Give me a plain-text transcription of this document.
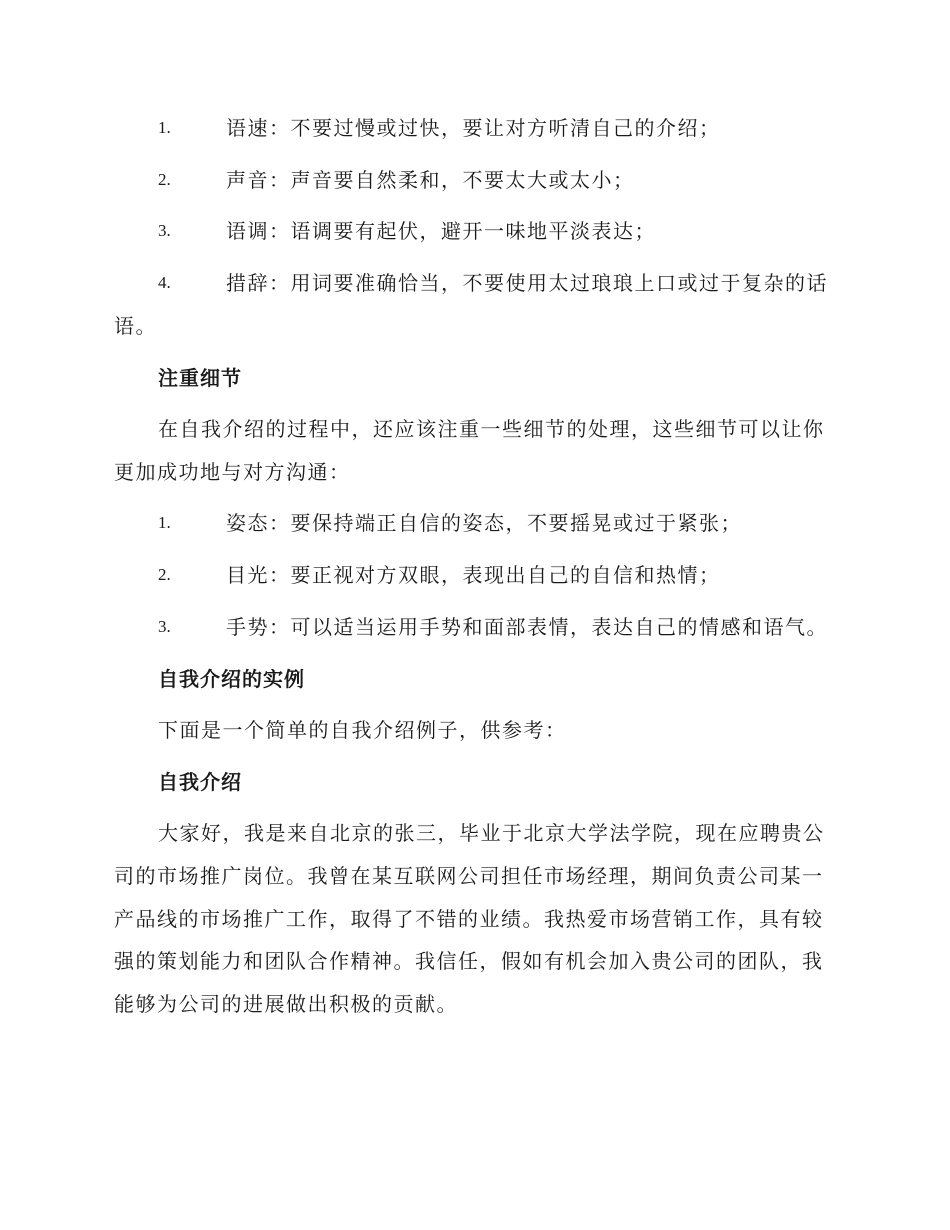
1.	语速：不要过慢或过快，要让对方听清自己的介绍；
2.	声音：声音要自然柔和，不要太大或太小；
3.	语调：语调要有起伏，避开一味地平淡表达；
4.	措辞：用词要准确恰当，不要使用太过琅琅上口或过于复杂的话
语。
注重细节
在自我介绍的过程中，还应该注重一些细节的处理，这些细节可以让你
更加成功地与对方沟通：
1.	姿态：要保持端正自信的姿态，不要摇晃或过于紧张；
2.	目光：要正视对方双眼，表现出自己的自信和热情；
3.	手势：可以适当运用手势和面部表情，表达自己的情感和语气。
自我介绍的实例
下面是一个简单的自我介绍例子，供参考：
自我介绍
大家好，我是来自北京的张三，毕业于北京大学法学院，现在应聘贵公
司的市场推广岗位。我曾在某互联网公司担任市场经理，期间负责公司某一
产品线的市场推广工作，取得了不错的业绩。我热爱市场营销工作，具有较
强的策划能力和团队合作精神。我信任，假如有机会加入贵公司的团队，我
能够为公司的进展做出积极的贡献。
